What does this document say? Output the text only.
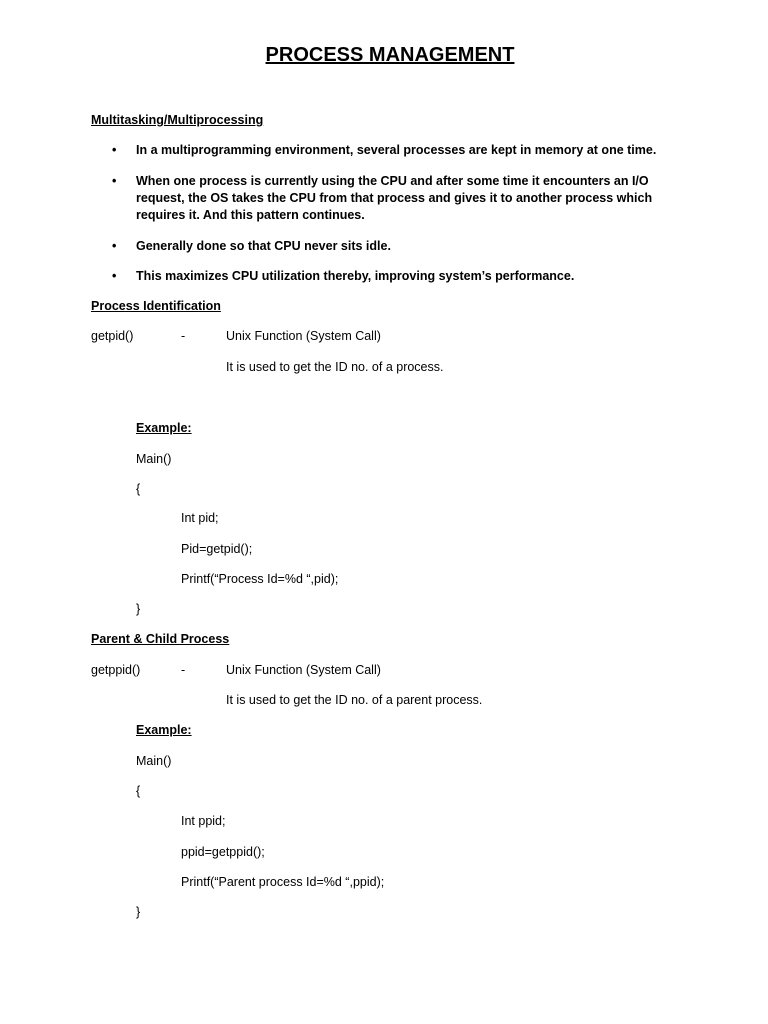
PROCESS MANAGEMENT
Multitasking/Multiprocessing
• In a multiprogramming environment, several processes are kept in memory at one time.
• When one process is currently using the CPU and after some time it encounters an I/O request, the OS takes the CPU from that process and gives it to another process which requires it. And this pattern continues.
• Generally done so that CPU never sits idle.
• This maximizes CPU utilization thereby, improving system’s performance.
Process Identification
getpid()	-	Unix Function (System Call)
It is used to get the ID no. of a process.
Example:
Main()
{
Int pid;
Pid=getpid();
Printf(“Process Id=%d “,pid);
}
Parent & Child Process
getppid()	-	Unix Function (System Call)
It is used to get the ID no. of a parent process.
Example:
Main()
{
Int ppid;
ppid=getppid();
Printf(“Parent process Id=%d “,ppid);
}
